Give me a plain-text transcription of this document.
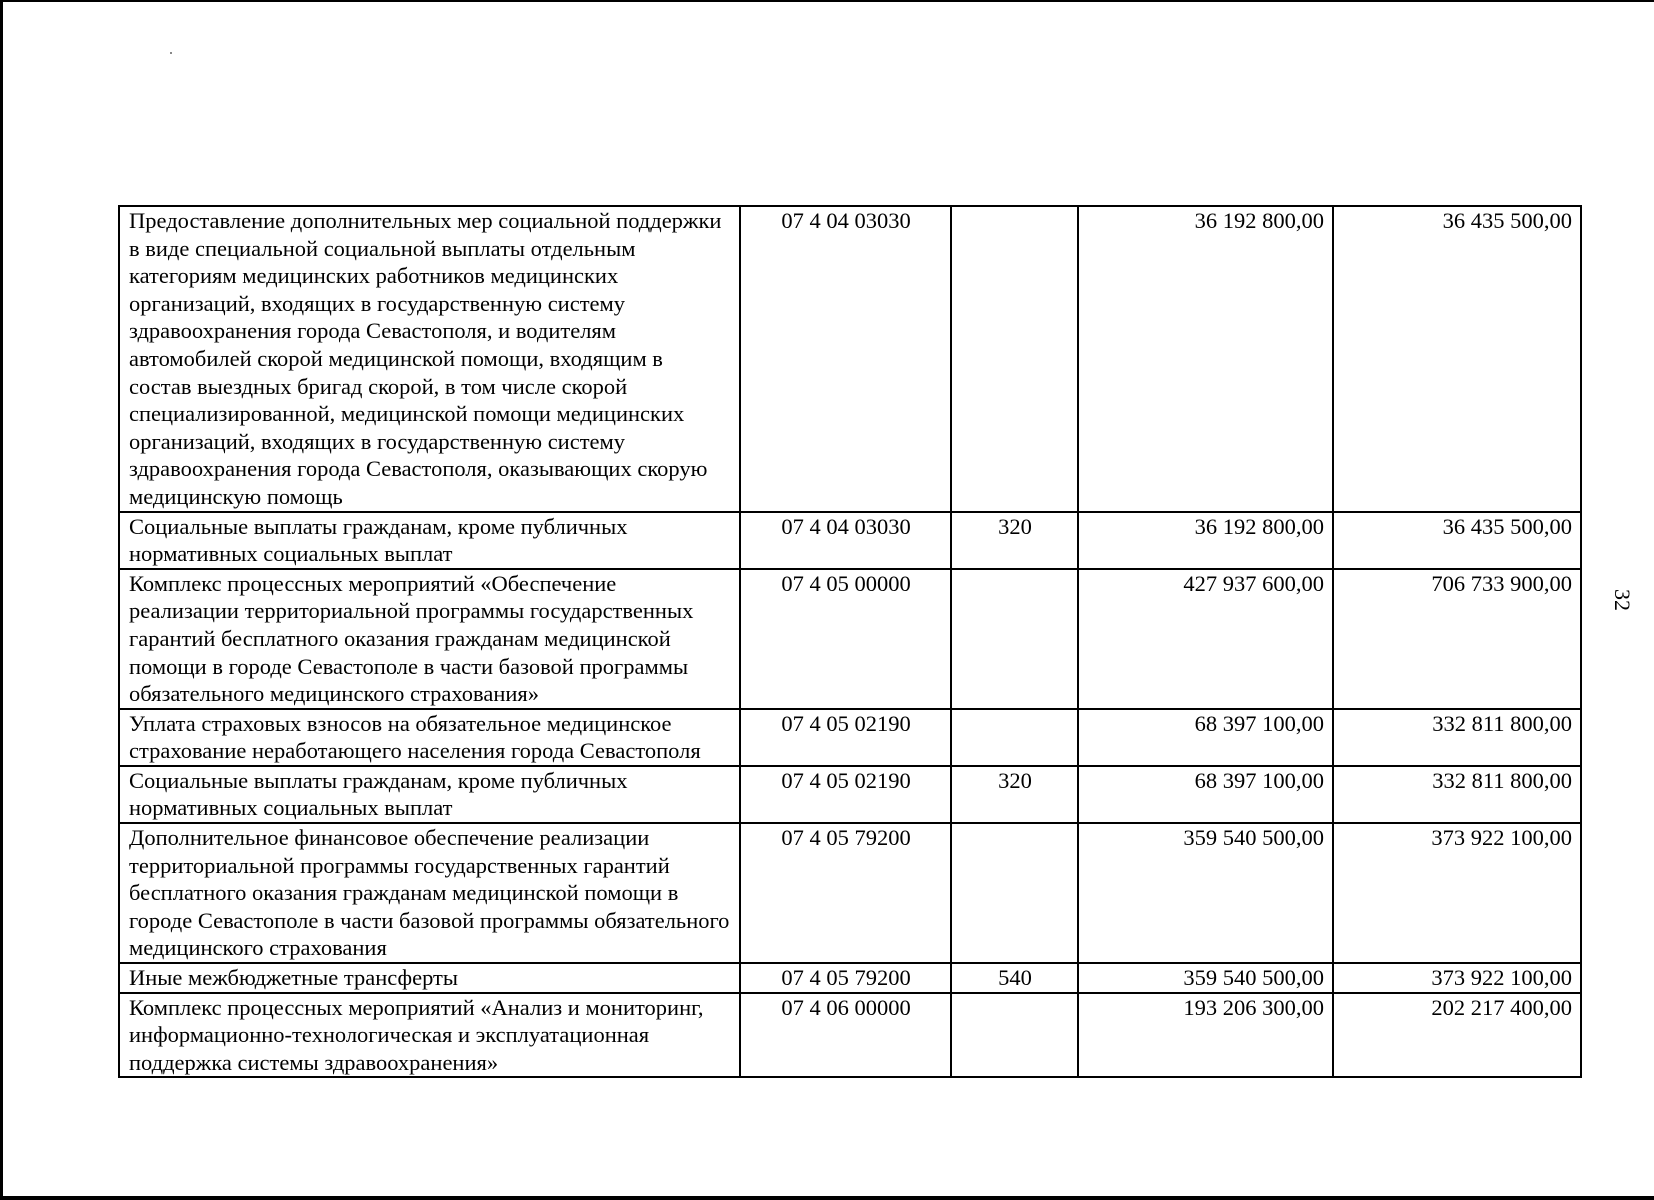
Предоставление дополнительных мер социальной поддержки в виде специальной социальной выплаты отдельным категориям медицинских работников медицинских организаций, входящих в государственную систему здравоохранения города Севастополя, и водителям автомобилей скорой медицинской помощи, входящим в состав выездных бригад скорой, в том числе скорой специализированной, медицинской помощи медицинских организаций, входящих в государственную систему здравоохранения города Севастополя, оказывающих скорую медицинскую помощь	07 4 04 03030		36 192 800,00	36 435 500,00
Социальные выплаты гражданам, кроме публичных нормативных социальных выплат	07 4 04 03030	320	36 192 800,00	36 435 500,00
Комплекс процессных мероприятий «Обеспечение реализации территориальной программы государственных гарантий бесплатного оказания гражданам медицинской помощи в городе Севастополе в части базовой программы обязательного медицинского страхования»	07 4 05 00000		427 937 600,00	706 733 900,00
Уплата страховых взносов на обязательное медицинское страхование неработающего населения города Севастополя	07 4 05 02190		68 397 100,00	332 811 800,00
Социальные выплаты гражданам, кроме публичных нормативных социальных выплат	07 4 05 02190	320	68 397 100,00	332 811 800,00
Дополнительное финансовое обеспечение реализации территориальной программы государственных гарантий бесплатного оказания гражданам медицинской помощи в городе Севастополе в части базовой программы обязательного медицинского страхования	07 4 05 79200		359 540 500,00	373 922 100,00
Иные межбюджетные трансферты	07 4 05 79200	540	359 540 500,00	373 922 100,00
Комплекс процессных мероприятий «Анализ и мониторинг, информационно-технологическая и эксплуатационная поддержка системы здравоохранения»	07 4 06 00000		193 206 300,00	202 217 400,00
32
